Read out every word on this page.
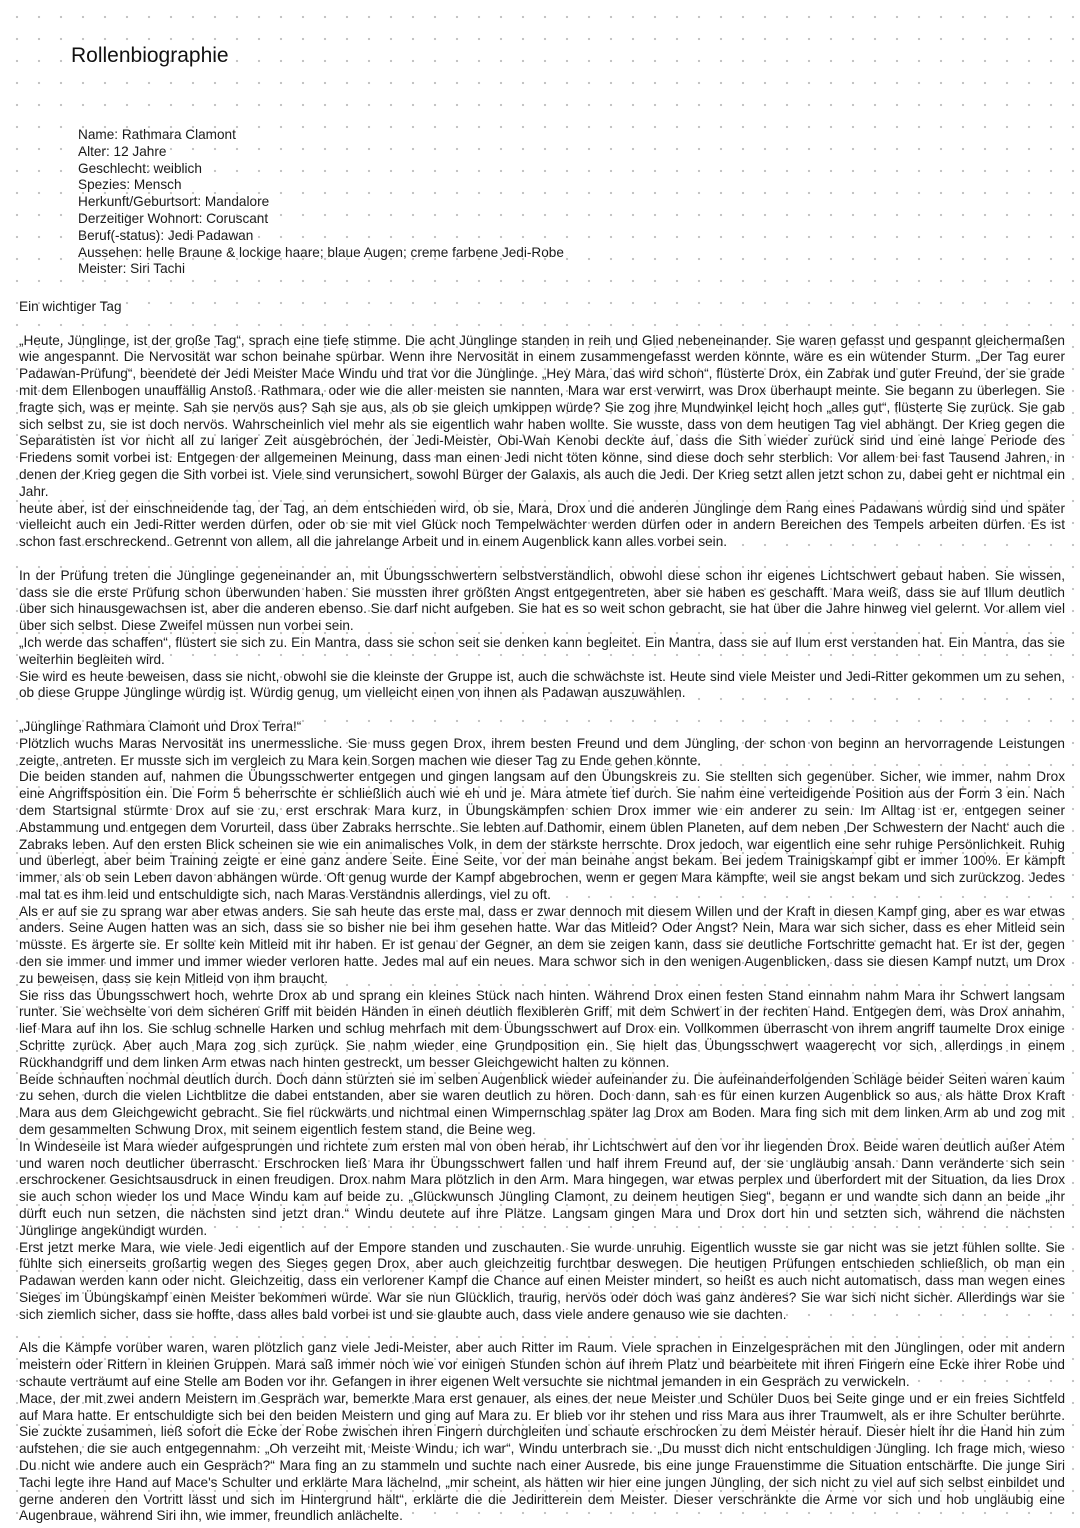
Rollenbiographie
Name: Rathmara Clamont
Alter: 12 Jahre
Geschlecht: weiblich
Spezies: Mensch
Herkunft/Geburtsort: Mandalore
Derzeitiger Wohnort: Coruscant
Beruf(-status): Jedi Padawan
Aussehen: helle Braune & lockige haare; blaue Augen; creme farbene Jedi-Robe
Meister: Siri Tachi
Ein wichtiger Tag

„Heute, Jünglinge, ist der große Tag“, sprach eine tiefe stimme. Die acht Jünglinge standen in reih und Glied nebeneinander. Sie waren gefasst und gespannt gleichermaßen wie angespannt. Die Nervosität war schon beinahe spürbar. Wenn ihre Nervosität in einem zusammengefasst werden könnte, wäre es ein wütender Sturm. „Der Tag eurer Padawan-Prüfung“, beendete der Jedi Meister Mace Windu und trat vor die Jünglinge. „Hey Mara, das wird schon“, flüsterte Drox, ein Zabrak und guter Freund, der sie grade mit dem Ellenbogen unauffällig Anstoß. Rathmara, oder wie die aller meisten sie nannten, Mara war erst verwirrt, was Drox überhaupt meinte. Sie begann zu überlegen. Sie fragte sich, was er meinte. Sah sie nervös aus? Sah sie aus, als ob sie gleich umkippen würde? Sie zog ihre Mundwinkel leicht hoch „alles gut“, flüsterte Sie zurück. Sie gab sich selbst zu, sie ist doch nervös. Wahrscheinlich viel mehr als sie eigentlich wahr haben wollte. Sie wusste, dass von dem heutigen Tag viel abhängt. Der Krieg gegen die Separatisten ist vor nicht all zu langer Zeit ausgebrochen, der Jedi-Meister, Obi-Wan Kenobi deckte auf, dass die Sith wieder zurück sind und eine lange Periode des Friedens somit vorbei ist. Entgegen der allgemeinen Meinung, dass man einen Jedi nicht töten könne, sind diese doch sehr sterblich. Vor allem bei fast Tausend Jahren, in denen der Krieg gegen die Sith vorbei ist. Viele sind verunsichert, sowohl Bürger der Galaxis, als auch die Jedi. Der Krieg setzt allen jetzt schon zu, dabei geht er nichtmal ein Jahr.

heute aber, ist der einschneidende tag, der Tag, an dem entschieden wird, ob sie, Mara, Drox und die anderen Jünglinge dem Rang eines Padawans würdig sind und später vielleicht auch ein Jedi-Ritter werden dürfen, oder ob sie mit viel Glück noch Tempelwächter werden dürfen oder in andern Bereichen des Tempels arbeiten dürfen. Es ist schon fast erschreckend. Getrennt von allem, all die jahrelange Arbeit und in einem Augenblick kann alles vorbei sein.

In der Prüfung treten die Jünglinge gegeneinander an, mit Übungsschwertern selbstverständlich, obwohl diese schon ihr eigenes Lichtschwert gebaut haben. Sie wissen, dass sie die erste Prüfung schon überwunden haben. Sie mussten ihrer größten Angst entgegentreten, aber sie haben es geschafft. Mara weiß, dass sie auf Illum deutlich über sich hinausgewachsen ist, aber die anderen ebenso. Sie darf nicht aufgeben. Sie hat es so weit schon gebracht, sie hat über die Jahre hinweg viel gelernt. Vor allem viel über sich selbst. Diese Zweifel müssen nun vorbei sein.

„Ich werde das schaffen“, flüstert sie sich zu. Ein Mantra, dass sie schon seit sie denken kann begleitet. Ein Mantra, dass sie auf Ilum erst verstanden hat. Ein Mantra, das sie weiterhin begleiten wird.

Sie wird es heute beweisen, dass sie nicht, obwohl sie die kleinste der Gruppe ist, auch die schwächste ist. Heute sind viele Meister und Jedi-Ritter gekommen um zu sehen, ob diese Gruppe Jünglinge würdig ist. Würdig genug, um vielleicht einen von ihnen als Padawan auszuwählen.

„Jünglinge Rathmara Clamont und Drox Terra!“

Plötzlich wuchs Maras Nervosität ins unermessliche. Sie muss gegen Drox, ihrem besten Freund und dem Jüngling, der schon von beginn an hervorragende Leistungen zeigte, antreten. Er musste sich im vergleich zu Mara kein Sorgen machen wie dieser Tag zu Ende gehen könnte.

Die beiden standen auf, nahmen die Übungsschwerter entgegen und gingen langsam auf den Übungskreis zu. Sie stellten sich gegenüber. Sicher, wie immer, nahm Drox eine Angriffsposition ein. Die Form 5 beherrschte er schließlich auch wie eh und je. Mara atmete tief durch. Sie nahm eine verteidigende Position aus der Form 3 ein. Nach dem Startsignal stürmte Drox auf sie zu, erst erschrak Mara kurz, in Übungskämpfen schien Drox immer wie ein anderer zu sein. Im Alltag ist er, entgegen seiner Abstammung und entgegen dem Vorurteil, dass über Zabraks herrschte. Sie lebten auf Dathomir, einem üblen Planeten, auf dem neben ‚Der Schwestern der Nacht‘ auch die Zabraks leben. Auf den ersten Blick scheinen sie wie ein animalisches Volk, in dem der stärkste herrschte. Drox jedoch, war eigentlich eine sehr ruhige Persönlichkeit. Ruhig und überlegt, aber beim Training zeigte er eine ganz andere Seite. Eine Seite, vor der man beinahe angst bekam. Bei jedem Trainigskampf gibt er immer 100%. Er kämpft immer, als ob sein Leben davon abhängen würde. Oft genug wurde der Kampf abgebrochen, wenn er gegen Mara kämpfte, weil sie angst bekam und sich zurückzog. Jedes mal tat es ihm leid und entschuldigte sich, nach Maras Verständnis allerdings, viel zu oft.

Als er auf sie zu sprang war aber etwas anders. Sie sah heute das erste mal, dass er zwar dennoch mit diesem Willen und der Kraft in diesen Kampf ging, aber es war etwas anders. Seine Augen hatten was an sich, dass sie so bisher nie bei ihm gesehen hatte. War das Mitleid? Oder Angst? Nein, Mara war sich sicher, dass es eher Mitleid sein müsste. Es ärgerte sie. Er sollte kein Mitleid mit ihr haben. Er ist genau der Gegner, an dem sie zeigen kann, dass sie deutliche Fortschritte gemacht hat. Er ist der, gegen den sie immer und immer und immer wieder verloren hatte. Jedes mal auf ein neues. Mara schwor sich in den wenigen Augenblicken, dass sie diesen Kampf nutzt, um Drox zu beweisen, dass sie kein Mitleid von ihm braucht.

Sie riss das Übungsschwert hoch, wehrte Drox ab und sprang ein kleines Stück nach hinten. Während Drox einen festen Stand einnahm nahm Mara ihr Schwert langsam runter. Sie wechselte von dem sicheren Griff mit beiden Händen in einen deutlich flexibleren Griff, mit dem Schwert in der rechten Hand. Entgegen dem, was Drox annahm, lief Mara auf ihn los. Sie schlug schnelle Harken und schlug mehrfach mit dem Übungsschwert auf Drox ein. Vollkommen überrascht von ihrem angriff taumelte Drox einige Schritte zurück. Aber auch Mara zog sich zurück. Sie nahm wieder eine Grundposition ein. Sie hielt das Übungsschwert waagerecht vor sich, allerdings in einem Rückhandgriff und dem linken Arm etwas nach hinten gestreckt, um besser Gleichgewicht halten zu können.

Beide schnauften nochmal deutlich durch. Doch dann stürzten sie im selben Augenblick wieder aufeinander zu. Die aufeinanderfolgenden Schläge beider Seiten waren kaum zu sehen, durch die vielen Lichtblitze die dabei entstanden, aber sie waren deutlich zu hören. Doch dann, sah es für einen kurzen Augenblick so aus, als hätte Drox Kraft Mara aus dem Gleichgewicht gebracht. Sie fiel rückwärts und nichtmal einen Wimpernschlag später lag Drox am Boden. Mara fing sich mit dem linken Arm ab und zog mit dem gesammelten Schwung Drox, mit seinem eigentlich festem stand, die Beine weg.

In Windeseile ist Mara wieder aufgesprungen und richtete zum ersten mal von oben herab, ihr Lichtschwert auf den vor ihr liegenden Drox. Beide waren deutlich außer Atem und waren noch deutlicher überrascht. Erschrocken ließ Mara ihr Übungsschwert fallen und half ihrem Freund auf, der sie ungläubig ansah. Dann veränderte sich sein erschrockener Gesichtsausdruck in einen freudigen. Drox nahm Mara plötzlich in den Arm. Mara hingegen, war etwas perplex und überfordert mit der Situation, da lies Drox sie auch schon wieder los und Mace Windu kam auf beide zu. „Glückwunsch Jüngling Clamont, zu deinem heutigen Sieg“, begann er und wandte sich dann an beide „ihr dürft euch nun setzen, die nächsten sind jetzt dran.“ Windu deutete auf ihre Plätze. Langsam gingen Mara und Drox dort hin und setzten sich, während die nächsten Jünglinge angekündigt wurden.

Erst jetzt merke Mara, wie viele Jedi eigentlich auf der Empore standen und zuschauten. Sie wurde unruhig. Eigentlich wusste sie gar nicht was sie jetzt fühlen sollte. Sie fühlte sich einerseits großartig wegen des Sieges gegen Drox, aber auch gleichzeitig furchtbar deswegen. Die heutigen Prüfungen entschieden schließlich, ob man ein Padawan werden kann oder nicht. Gleichzeitig, dass ein verlorener Kampf die Chance auf einen Meister mindert, so heißt es auch nicht automatisch, dass man wegen eines Sieges im Übungskampf einen Meister bekommen würde. War sie nun Glücklich, traurig, nervös oder doch was ganz anderes? Sie war sich nicht sicher. Allerdings war sie sich ziemlich sicher, dass sie hoffte, dass alles bald vorbei ist und sie glaubte auch, dass viele andere genauso wie sie dachten.

Als die Kämpfe vorüber waren, waren plötzlich ganz viele Jedi-Meister, aber auch Ritter im Raum. Viele sprachen in Einzelgesprächen mit den Jünglingen, oder mit andern meistern oder Rittern in kleinen Gruppen. Mara saß immer noch wie vor einigen Stunden schon auf ihrem Platz und bearbeitete mit ihren Fingern eine Ecke ihrer Robe und schaute verträumt auf eine Stelle am Boden vor ihr. Gefangen in ihrer eigenen Welt versuchte sie nichtmal jemanden in ein Gespräch zu verwickeln.

Mace, der mit zwei andern Meistern im Gespräch war, bemerkte Mara erst genauer, als eines der neue Meister und Schüler Duos bei Seite ginge und er ein freies Sichtfeld auf Mara hatte. Er entschuldigte sich bei den beiden Meistern und ging auf Mara zu. Er blieb vor ihr stehen und riss Mara aus ihrer Traumwelt, als er ihre Schulter berührte. Sie zuckte zusammen, ließ sofort die Ecke der Robe zwischen ihren Fingern durchgleiten und schaute erschrocken zu dem Meister herauf. Dieser hielt ihr die Hand hin zum aufstehen, die sie auch entgegennahm. „Oh verzeiht mit, Meiste Windu, ich war“, Windu unterbrach sie. „Du musst dich nicht entschuldigen Jüngling. Ich frage mich, wieso Du nicht wie andere auch ein Gespräch?“ Mara fing an zu stammeln und suchte nach einer Ausrede, bis eine junge Frauenstimme die Situation entschärfte. Die junge Siri Tachi legte ihre Hand auf Mace's Schulter und erklärte Mara lächelnd, „mir scheint, als hätten wir hier eine jungen Jüngling, der sich nicht zu viel auf sich selbst einbildet und gerne anderen den Vortritt lässt und sich im Hintergrund hält“, erklärte die die Jediritterein dem Meister. Dieser verschränkte die Arme vor sich und hob ungläubig eine Augenbraue, während Siri ihn, wie immer, freundlich anlächelte.
